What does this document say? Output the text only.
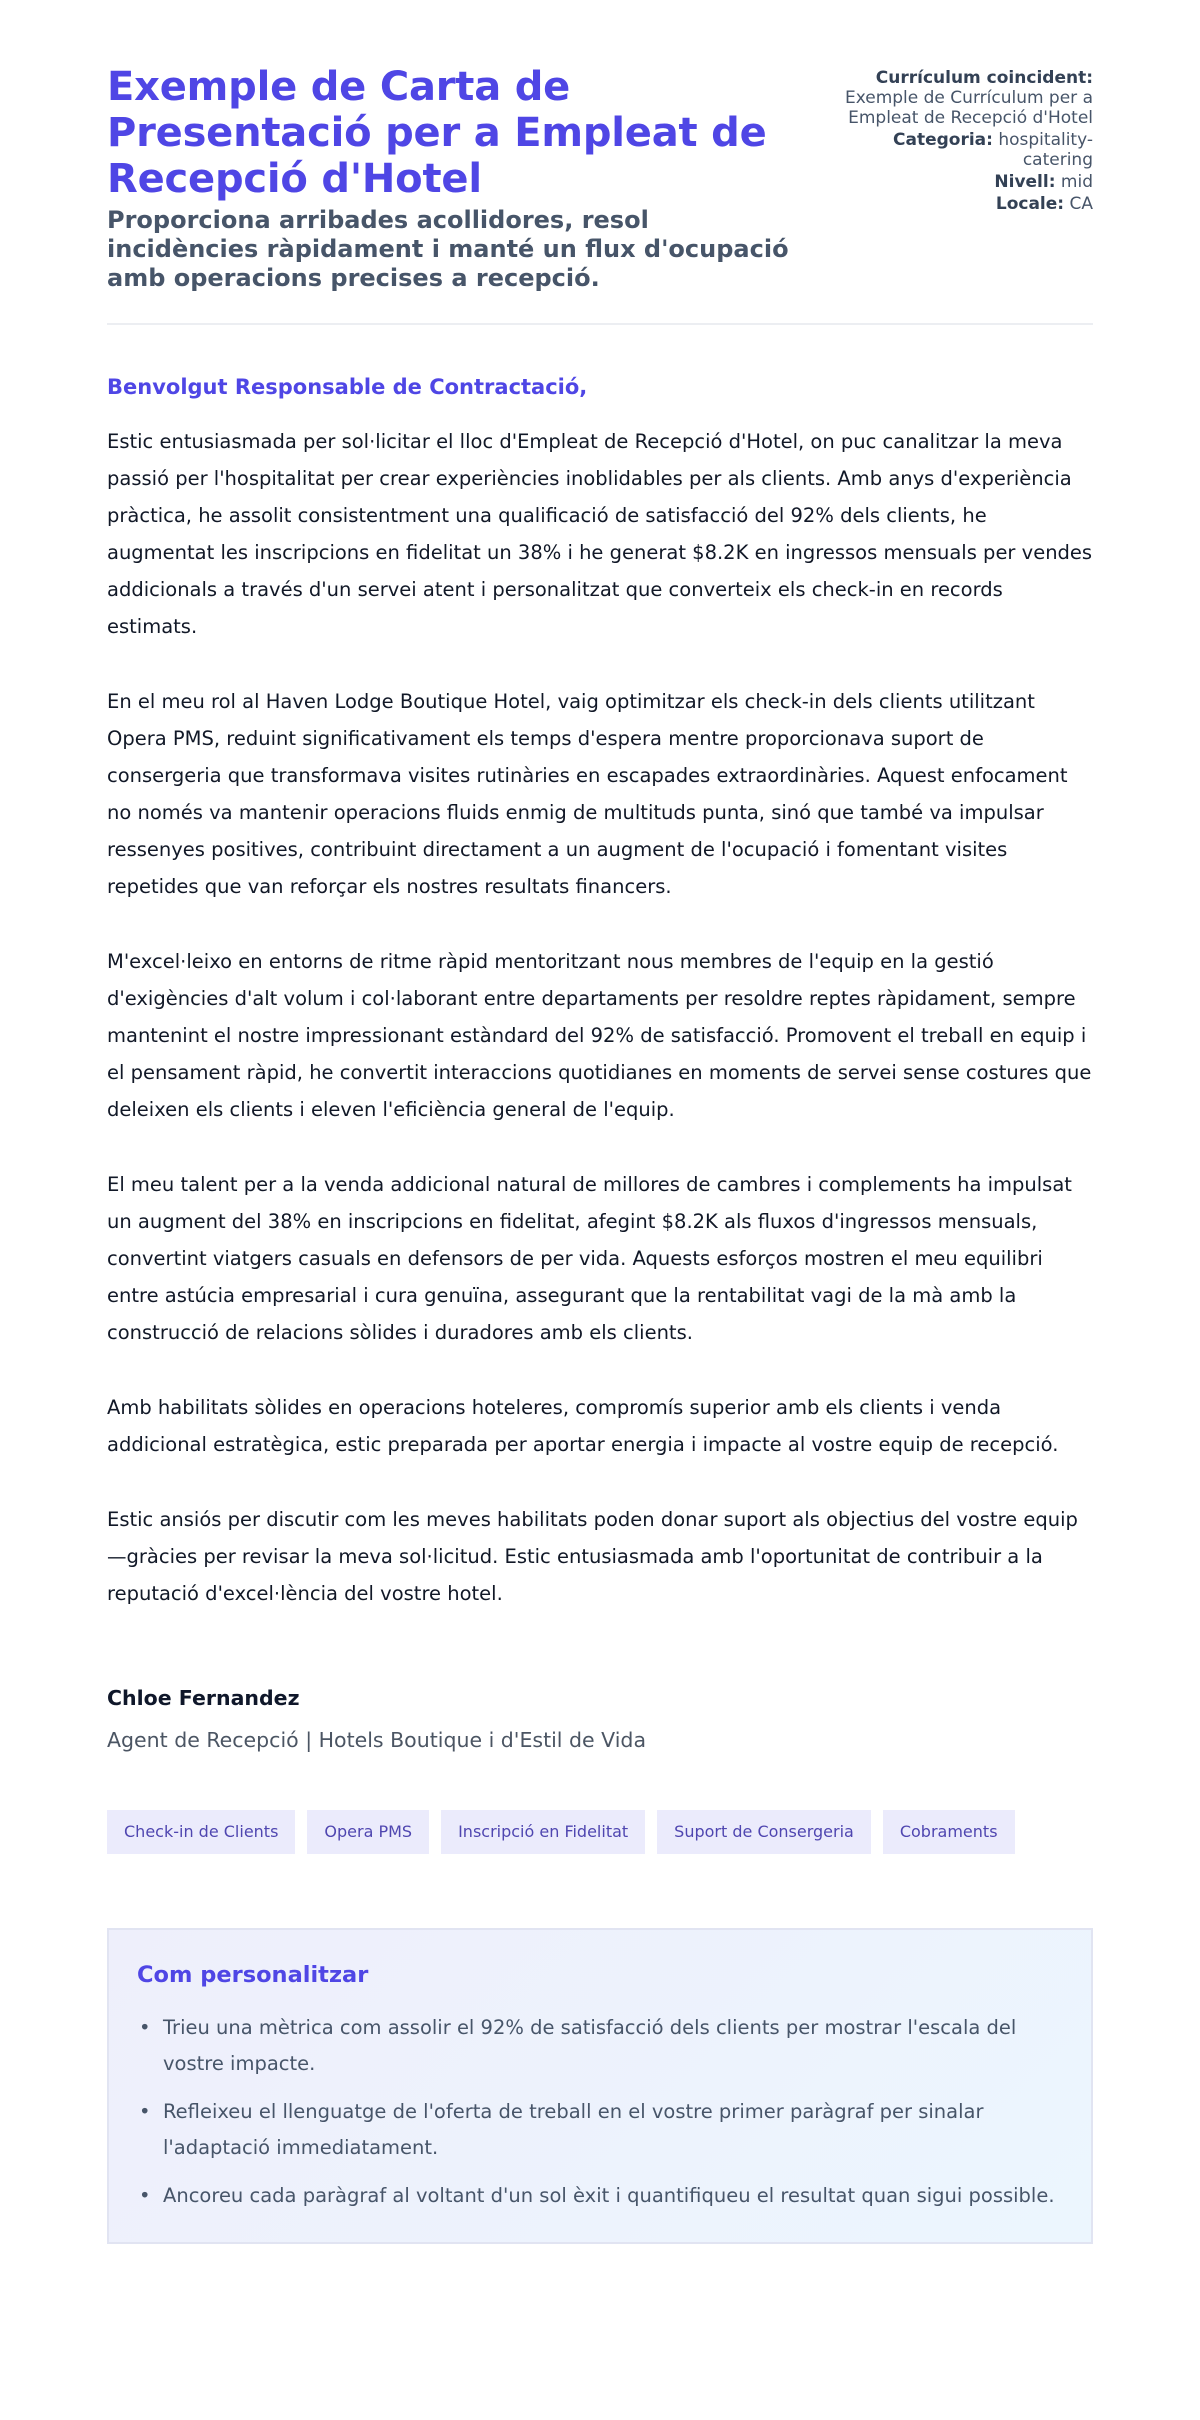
Exemple de Carta de Presentació per a Empleat de Recepció d'Hotel
Proporciona arribades acollidores, resol incidències ràpidament i manté un flux d'ocupació amb operacions precises a recepció.
Currículum coincident:
Exemple de Currículum per a Empleat de Recepció d'Hotel
Categoria: hospitality-catering
Nivell: mid
Locale: CA

Benvolgut Responsable de Contractació,

Estic entusiasmada per sol·licitar el lloc d'Empleat de Recepció d'Hotel, on puc canalitzar la meva passió per l'hospitalitat per crear experiències inoblidables per als clients. Amb anys d'experiència pràctica, he assolit consistentment una qualificació de satisfacció del 92% dels clients, he augmentat les inscripcions en fidelitat un 38% i he generat $8.2K en ingressos mensuals per vendes addicionals a través d'un servei atent i personalitzat que converteix els check-in en records estimats.

En el meu rol al Haven Lodge Boutique Hotel, vaig optimitzar els check-in dels clients utilitzant Opera PMS, reduint significativament els temps d'espera mentre proporcionava suport de consergeria que transformava visites rutinàries en escapades extraordinàries. Aquest enfocament no només va mantenir operacions fluids enmig de multituds punta, sinó que també va impulsar ressenyes positives, contribuint directament a un augment de l'ocupació i fomentant visites repetides que van reforçar els nostres resultats financers.

M'excel·leixo en entorns de ritme ràpid mentoritzant nous membres de l'equip en la gestió d'exigències d'alt volum i col·laborant entre departaments per resoldre reptes ràpidament, sempre mantenint el nostre impressionant estàndard del 92% de satisfacció. Promovent el treball en equip i el pensament ràpid, he convertit interaccions quotidianes en moments de servei sense costures que deleixen els clients i eleven l'eficiència general de l'equip.

El meu talent per a la venda addicional natural de millores de cambres i complements ha impulsat un augment del 38% en inscripcions en fidelitat, afegint $8.2K als fluxos d'ingressos mensuals, convertint viatgers casuals en defensors de per vida. Aquests esforços mostren el meu equilibri entre astúcia empresarial i cura genuïna, assegurant que la rentabilitat vagi de la mà amb la construcció de relacions sòlides i duradores amb els clients.

Amb habilitats sòlides en operacions hoteleres, compromís superior amb els clients i venda addicional estratègica, estic preparada per aportar energia i impacte al vostre equip de recepció.

Estic ansiós per discutir com les meves habilitats poden donar suport als objectius del vostre equip—gràcies per revisar la meva sol·licitud. Estic entusiasmada amb l'oportunitat de contribuir a la reputació d'excel·lència del vostre hotel.

Chloe Fernandez
Agent de Recepció | Hotels Boutique i d'Estil de Vida
Check-in de Clients	Opera PMS	Inscripció en Fidelitat	Suport de Consergeria	Cobraments
Com personalitzar
• Trieu una mètrica com assolir el 92% de satisfacció dels clients per mostrar l'escala del vostre impacte.
• Refleixeu el llenguatge de l'oferta de treball en el vostre primer paràgraf per sinalar l'adaptació immediatament.
• Ancoreu cada paràgraf al voltant d'un sol èxit i quantifiqueu el resultat quan sigui possible.
